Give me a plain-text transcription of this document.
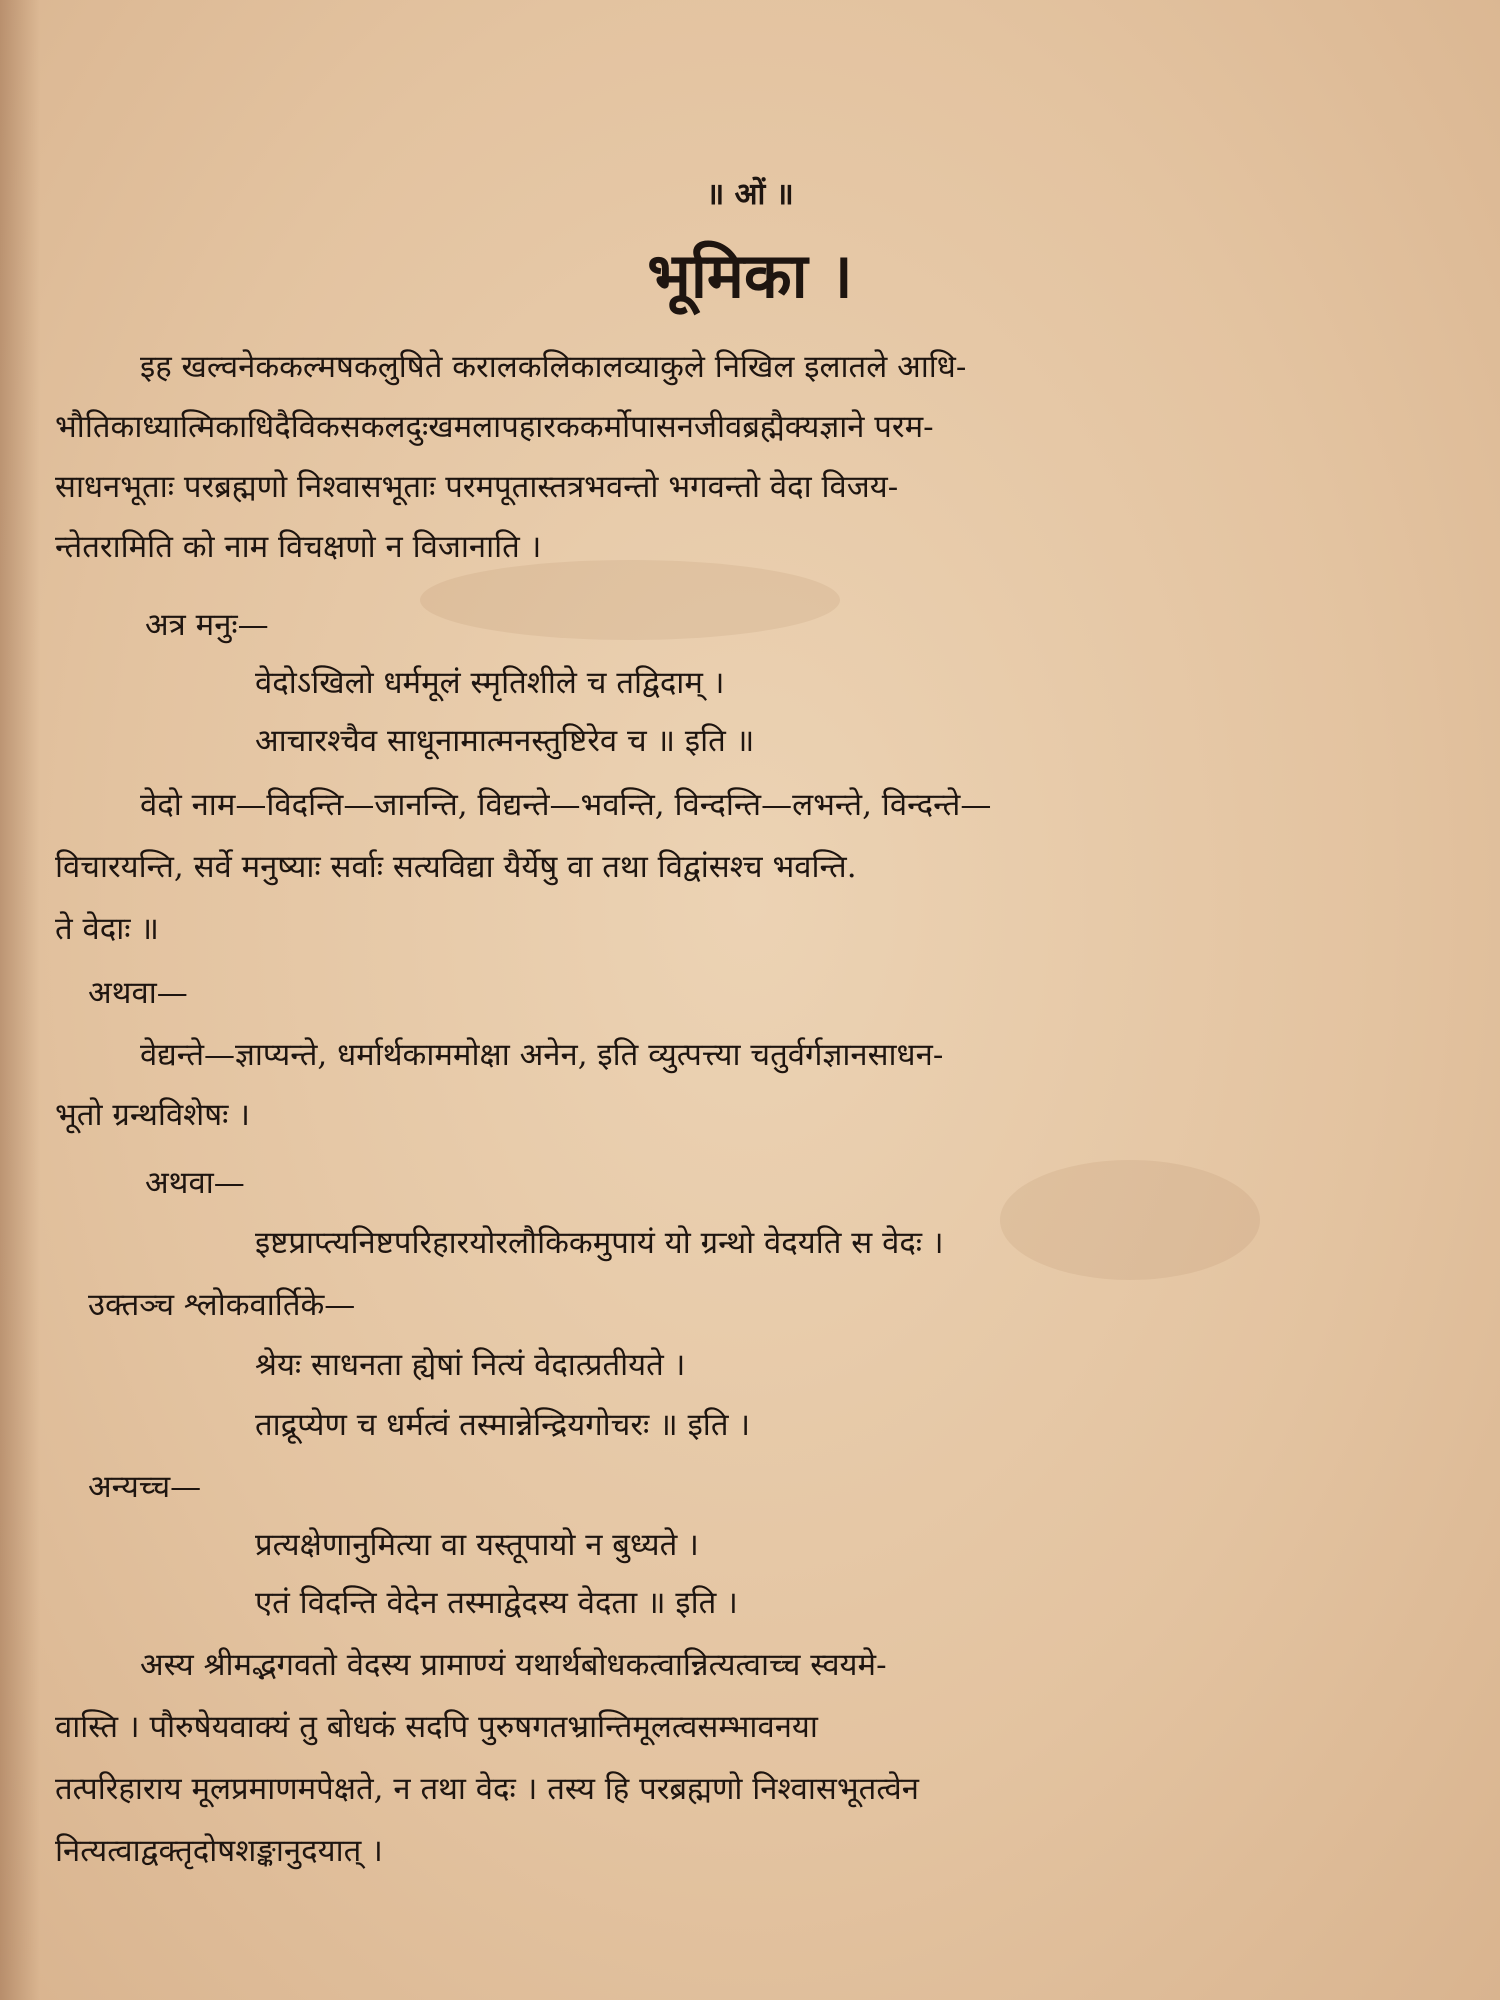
॥ ओं ॥
भूमिका ।
इह खल्वनेककल्मषकलुषिते करालकलिकालव्याकुले निखिल इलातले आधि-
भौतिकाध्यात्मिकाधिदैविकसकलदुःखमलापहारककर्मोपासनजीवब्रह्मैक्यज्ञाने परम-
साधनभूताः परब्रह्मणो निश्वासभूताः परमपूतास्तत्रभवन्तो भगवन्तो वेदा विजय-
न्तेतरामिति को नाम विचक्षणो न विजानाति ।
अत्र मनुः—
वेदोऽखिलो धर्ममूलं स्मृतिशीले च तद्विदाम् ।
आचारश्चैव साधूनामात्मनस्तुष्टिरेव च ॥ इति ॥
वेदो नाम—विदन्ति—जानन्ति, विद्यन्ते—भवन्ति, विन्दन्ति—लभन्ते, विन्दन्ते—
विचारयन्ति, सर्वे मनुष्याः सर्वाः सत्यविद्या यैर्येषु वा तथा विद्वांसश्च भवन्ति.
ते वेदाः ॥
अथवा—
वेद्यन्ते—ज्ञाप्यन्ते, धर्मार्थकाममोक्षा अनेन, इति व्युत्पत्त्या चतुर्वर्गज्ञानसाधन-
भूतो ग्रन्थविशेषः ।
अथवा—
इष्टप्राप्त्यनिष्टपरिहारयोरलौकिकमुपायं यो ग्रन्थो वेदयति स वेदः ।
उक्तञ्च श्लोकवार्तिके—
श्रेयः साधनता ह्येषां नित्यं वेदात्प्रतीयते ।
ताद्रूप्येण च धर्मत्वं तस्मान्नेन्द्रियगोचरः ॥ इति ।
अन्यच्च—
प्रत्यक्षेणानुमित्या वा यस्तूपायो न बुध्यते ।
एतं विदन्ति वेदेन तस्माद्वेदस्य वेदता ॥ इति ।
अस्य श्रीमद्भगवतो वेदस्य प्रामाण्यं यथार्थबोधकत्वान्नित्यत्वाच्च स्वयमे-
वास्ति । पौरुषेयवाक्यं तु बोधकं सदपि पुरुषगतभ्रान्तिमूलत्वसम्भावनया
तत्परिहाराय मूलप्रमाणमपेक्षते, न तथा वेदः । तस्य हि परब्रह्मणो निश्वासभूतत्वेन
नित्यत्वाद्वक्तृदोषशङ्कानुदयात् ।
